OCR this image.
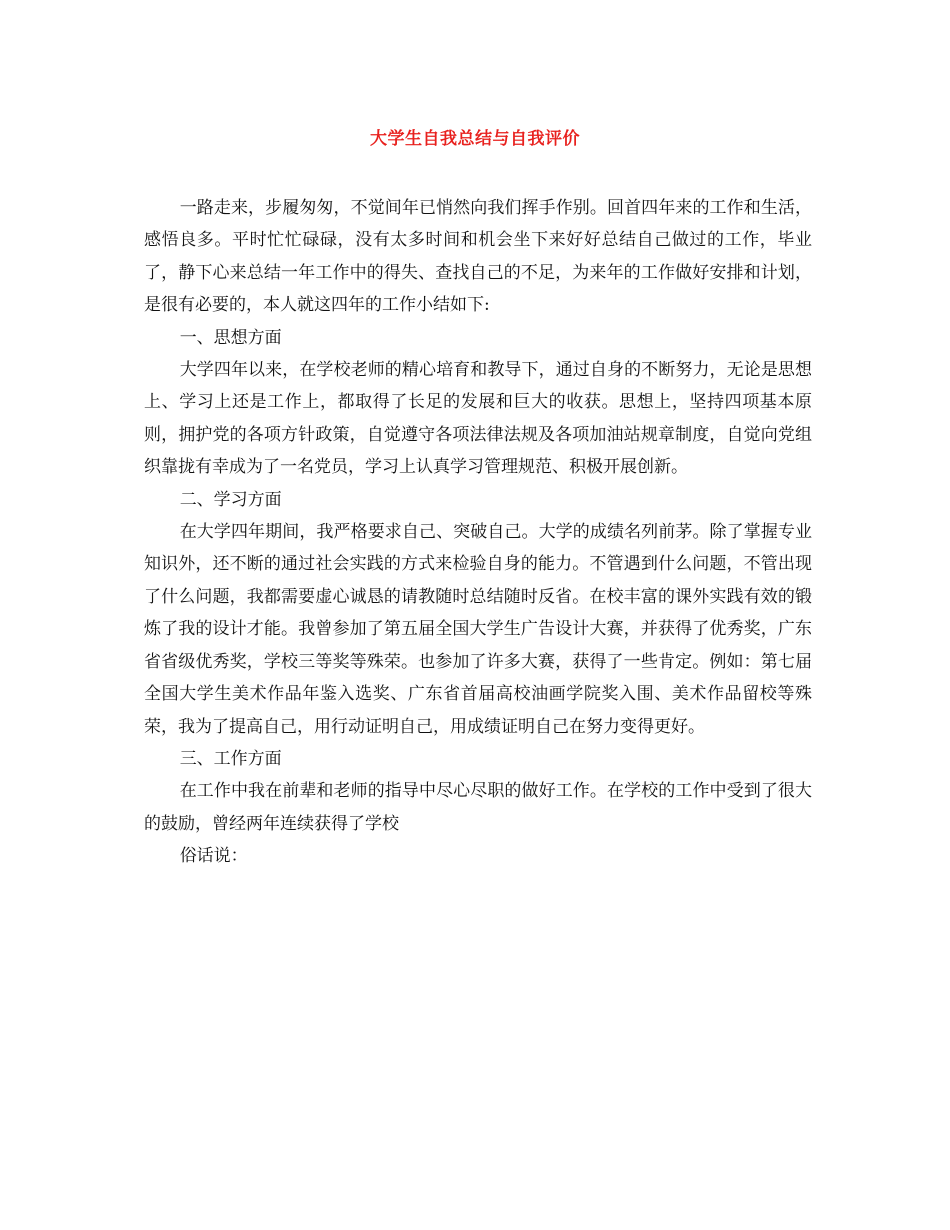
大学生自我总结与自我评价

一路走来，步履匆匆，不觉间年已悄然向我们挥手作别。回首四年来的工作和生活，感悟良多。平时忙忙碌碌，没有太多时间和机会坐下来好好总结自己做过的工作，毕业了，静下心来总结一年工作中的得失、查找自己的不足，为来年的工作做好安排和计划，是很有必要的，本人就这四年的工作小结如下:

一、思想方面

大学四年以来，在学校老师的精心培育和教导下，通过自身的不断努力，无论是思想上、学习上还是工作上，都取得了长足的发展和巨大的收获。思想上，坚持四项基本原则，拥护党的各项方针政策，自觉遵守各项法律法规及各项加油站规章制度，自觉向党组织靠拢有幸成为了一名党员，学习上认真学习管理规范、积极开展创新。

二、学习方面

在大学四年期间，我严格要求自己、突破自己。大学的成绩名列前茅。除了掌握专业知识外，还不断的通过社会实践的方式来检验自身的能力。不管遇到什么问题，不管出现了什么问题，我都需要虚心诚恳的请教随时总结随时反省。在校丰富的课外实践有效的锻炼了我的设计才能。我曾参加了第五届全国大学生广告设计大赛，并获得了优秀奖，广东省省级优秀奖，学校三等奖等殊荣。也参加了许多大赛，获得了一些肯定。例如：第七届全国大学生美术作品年鉴入选奖、广东省首届高校油画学院奖入围、美术作品留校等殊荣，我为了提高自己，用行动证明自己，用成绩证明自己在努力变得更好。

三、工作方面

在工作中我在前辈和老师的指导中尽心尽职的做好工作。在学校的工作中受到了很大的鼓励，曾经两年连续获得了学校

俗话说：
